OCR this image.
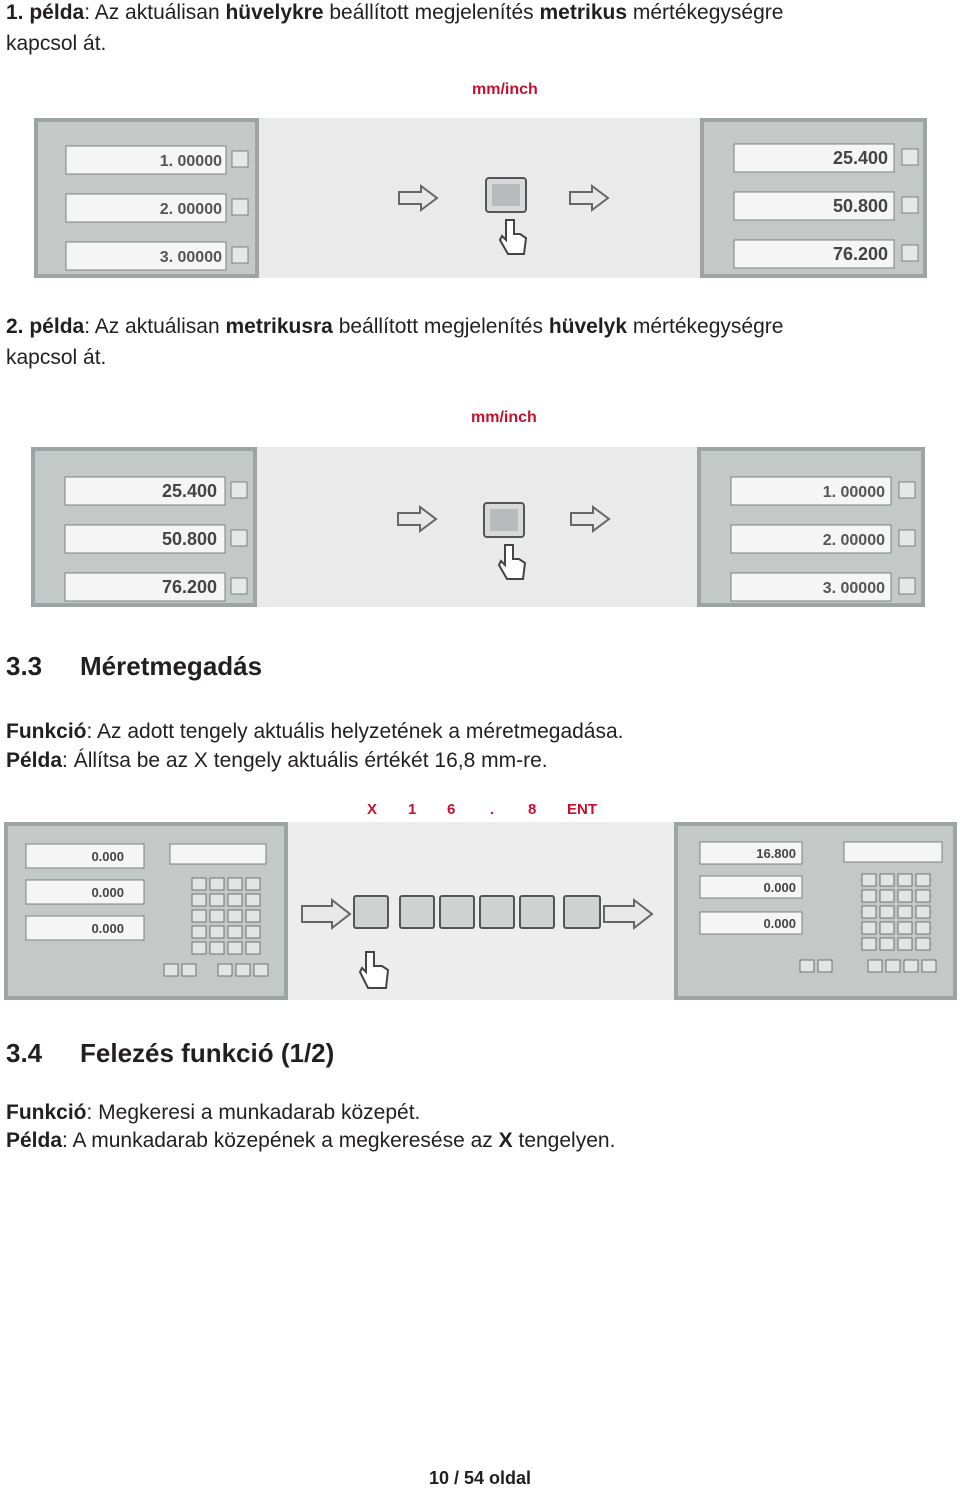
1. példa: Az aktuálisan hüvelykre beállított megjelenítés metrikus mértékegységre

kapcsol át.

mm/inch
1. 00000
2. 00000
3. 00000
25.400
50.800
76.200

2. példa: Az aktuálisan metrikusra beállított megjelenítés hüvelyk mértékegységre

kapcsol át.

mm/inch
25.400
50.800
76.200
1. 00000
2. 00000
3. 00000
3.3 Méretmegadás

Funkció: Az adott tengely aktuális helyzetének a méretmegadása.

Példa: Állítsa be az X tengely aktuális értékét 16,8 mm-re.

X 1 6 . 8 ENT
0.000
0.000
0.000
16.800
0.000
0.000
3.4 Felezés funkció (1/2)

Funkció: Megkeresi a munkadarab közepét.

Példa: A munkadarab közepének a megkeresése az X tengelyen.

10 / 54 oldal
